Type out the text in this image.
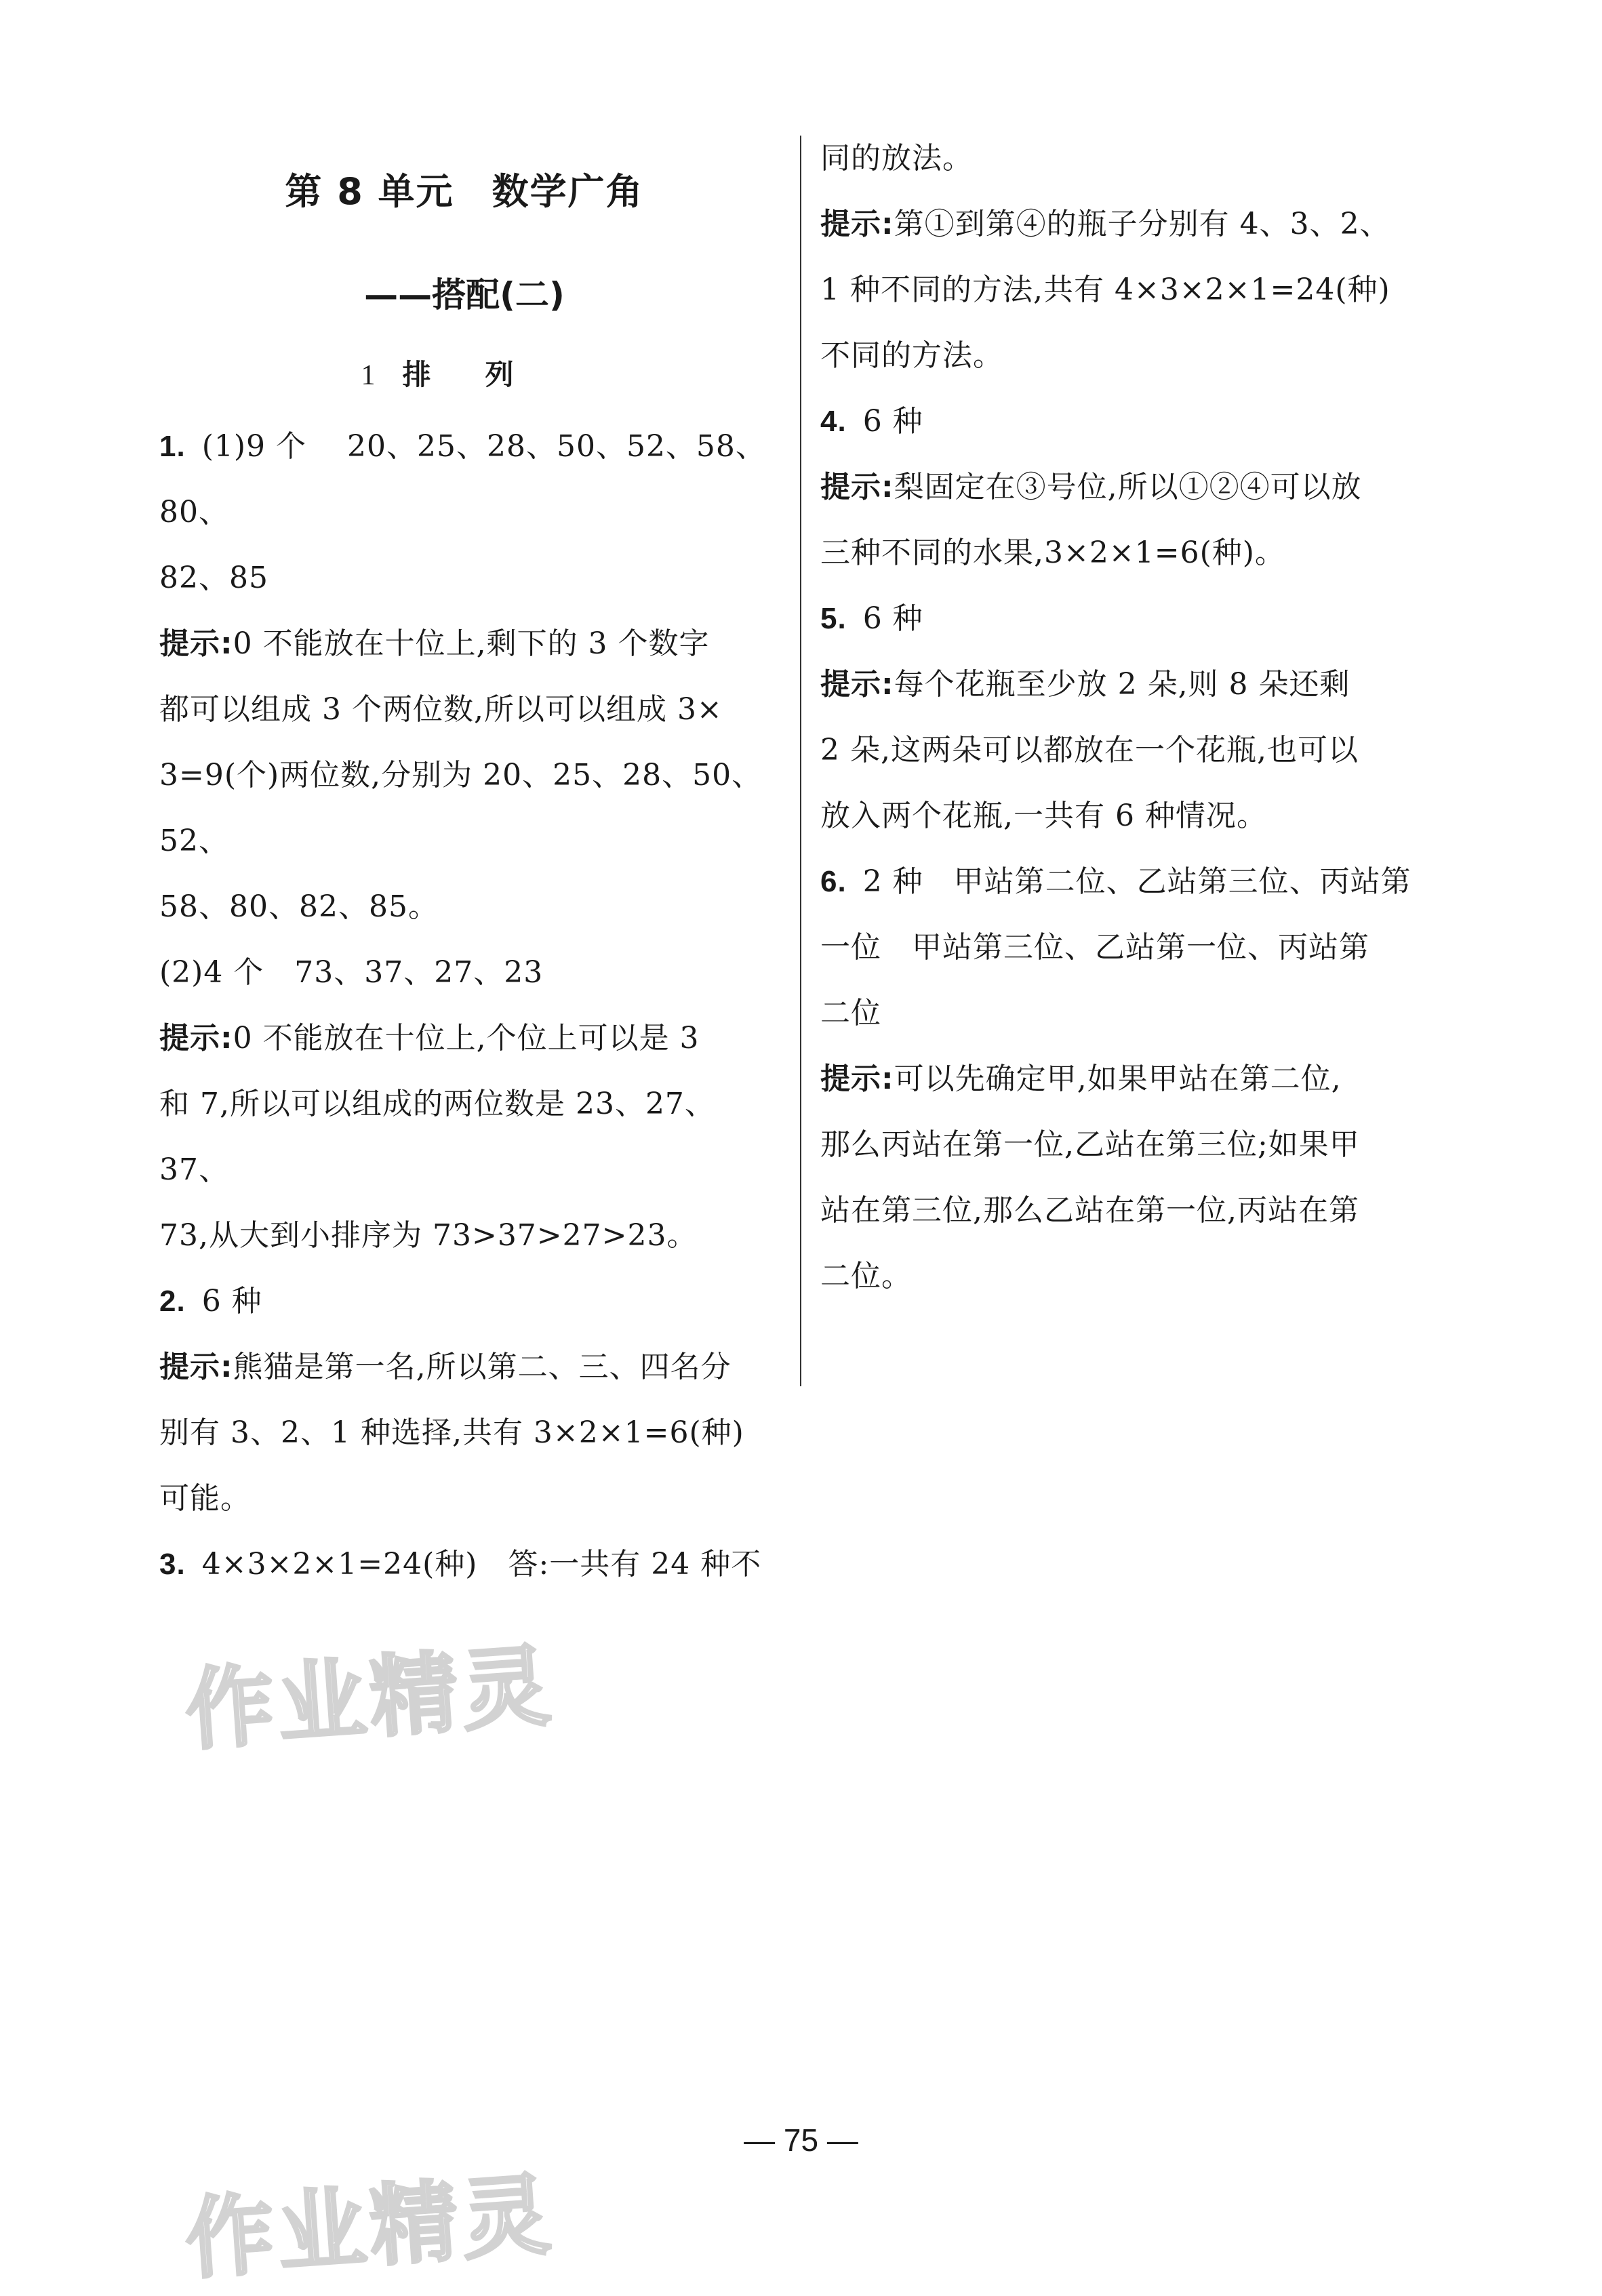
第 8 单元　数学广角
——搭配(二)
1 排列

1. (1)9 个　 20、25、28、50、52、58、80、

82、85

提示:0 不能放在十位上,剩下的 3 个数字

都可以组成 3 个两位数,所以可以组成 3×

3=9(个)两位数,分别为 20、25、28、50、52、

58、80、82、85。

(2)4 个　73、37、27、23

提示:0 不能放在十位上,个位上可以是 3

和 7,所以可以组成的两位数是 23、27、37、

73,从大到小排序为 73>37>27>23。

2. 6 种

提示:熊猫是第一名,所以第二、三、四名分

别有 3、2、1 种选择,共有 3×2×1=6(种)

可能。

3. 4×3×2×1=24(种)　答:一共有 24 种不

同的放法。

提示:第①到第④的瓶子分别有 4、3、2、

1 种不同的方法,共有 4×3×2×1=24(种)

不同的方法。

4. 6 种

提示:梨固定在③号位,所以①②④可以放

三种不同的水果,3×2×1=6(种)。

5. 6 种

提示:每个花瓶至少放 2 朵,则 8 朵还剩

2 朵,这两朵可以都放在一个花瓶,也可以

放入两个花瓶,一共有 6 种情况。

6. 2 种　甲站第二位、乙站第三位、丙站第

一位　甲站第三位、乙站第一位、丙站第

二位

提示:可以先确定甲,如果甲站在第二位,

那么丙站在第一位,乙站在第三位;如果甲

站在第三位,那么乙站在第一位,丙站在第

二位。

作业精灵
作业精灵
— 75 —
